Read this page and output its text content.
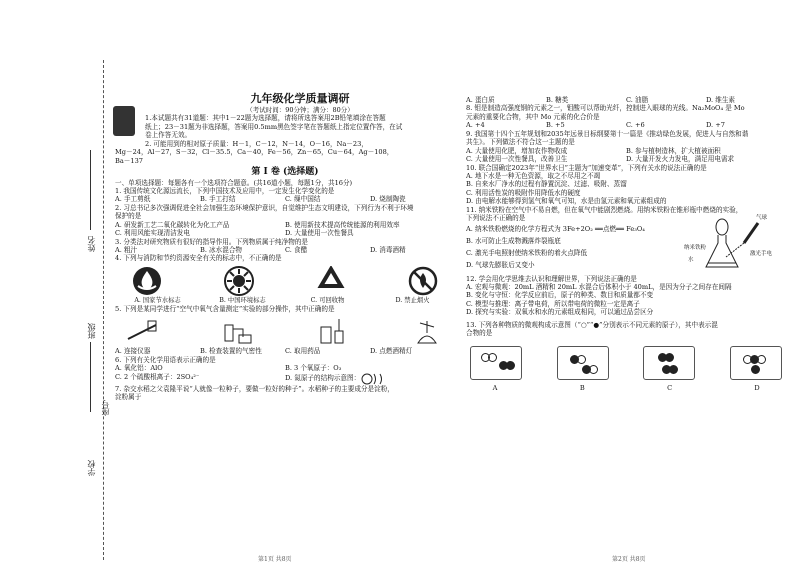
姓名
班级
学校
座号
九年级化学质量调研
（考试时间：90分钟；满分：80分）
1.本试题共有31道题：其中1－22题为选择题，请将所选答案用2B铅笔填涂在答题
纸上；23－31题为非选择题，答案用0.5mm黑色签字笔在答题纸上指定位置作答，在试
卷上作答无效。
2. 可能用到的相对原子质量：H－1，C－12，N－14，O－16，Na－23，
Mg－24，Al－27，S－32，Cl－35.5，Ca－40，Fe－56，Zn－65，Cu－64，Ag－108，
Ba－137
第 Ⅰ 卷 (选择题)
一、单项选择题：每题各有一个选项符合题意。(共16道小题，每题1分，共16分)
1. 我国传统文化源远流长，下列中国技术及应用中，一定发生化学变化的是
A. 手工剪纸	B. 手工打结	C. 缫中国结	D. 烧制陶瓷
2. 习总书记多次强调促进全社会加强生态环境保护意识，自觉维护生态文明建设，下列行为不利于环境
保护的是
A. 研发新工艺二氧化碳转化为化工产品	B. 使用新技术提高传统能源的利用效率
C. 利用风能实现清洁发电	D. 大量使用一次性餐具
3. 分类法对研究物质有很好的指导作用。下列物质属于纯净物的是
A. 粗汁	B. 冰水混合物	C. 食醋	D. 消毒酒精
4. 下列与消防和节约资源安全有关的标志中，不正确的是
A. 国家节水标志	B. 中国环境标志	C. 可回收物	D. 禁止烟火
5. 下列是某同学进行“空气中氧气含量测定”实验的部分操作，其中正确的是
A. 连接仪器	B. 检查装置的气密性	C. 取用药品	D. 点燃酒精灯
6. 下列有关化学用语表示正确的是
A. 氧化铝：AlO	B. 3 个氧原子：O₃
C. 2 个硫酸根离子：2SO₄²⁻	D. 氮原子的结构示意图：
7. 杂交水稻之父袁隆平说“人就像一粒种子，要做一粒好的种子”。水稻种子的主要成分是淀粉，
淀粉属于
A. 蛋白质	B. 糖类	C. 油脂	D. 维生素
8. 钼是制造高强度钢的元素之一，钼酸可以帮助光纤，控制进入眼球的光线。Na₂MoO₄ 是 Mo
元素的重要化合物，其中 Mo 元素的化合价是
A. +4	B. +5	C. +6	D. +7
9. 我国第十四个五年规划和2035年远景目标纲要第十一篇是《推动绿色发展，促进人与自然和谐
共生》。下列做法不符合这一主题的是
A. 大量使用化肥，增加农作物收成	B. 参与植树造林，扩大植被面积
C. 大量使用一次性餐具，改善卫生	D. 大量开发火力发电，满足用电需求
10. 联合国确定2023年“世界水日”主题为“加速变革”，下列有关水的说法正确的是
A. 地下水是一种无色资源，取之不尽用之不竭
B. 自来水厂净水的过程有静置沉淀、过滤、吸附、蒸馏
C. 利用活性炭的吸附作用降低水的硬度
D. 由电解水能够得到氢气和氧气可知，水是由氢元素和氧元素组成的
11. 纳米铁粉在空气中不易自燃，但在氧气中能剧烈燃烧。用纳米铁粉在锥形瓶中燃烧的实验，
下列说法不正确的是
A. 纳米铁粉燃烧的化学方程式为 3Fe+2O₂ ══点燃══ Fe₃O₄
B. 水可防止生成物溅落炸裂瓶底
C. 激光手电照射使纳米铁粉的着火点降低
D. 气球先膨胀后又变小
气球
纳米铁粉
水
激光手电
12. 学会用化学思维去认识和理解世界，下列说法正确的是
A. 宏观与微观：20mL 酒精和 20mL 水混合后体积小于 40mL，是因为分子之间存在间隔
B. 变化与守恒：化学反应前后，原子的种类、数目和质量都不变
C. 模型与推理：离子带电荷，所以带电荷的微粒一定是离子
D. 探究与实验：双氧水和水的元素组成相同，可以通过品尝区分
13. 下列各种物质的微观构成示意图（“○”“●”分别表示不同元素的原子），其中表示混
合物的是
A	B	C	D
第1页 共8页	第2页 共8页
